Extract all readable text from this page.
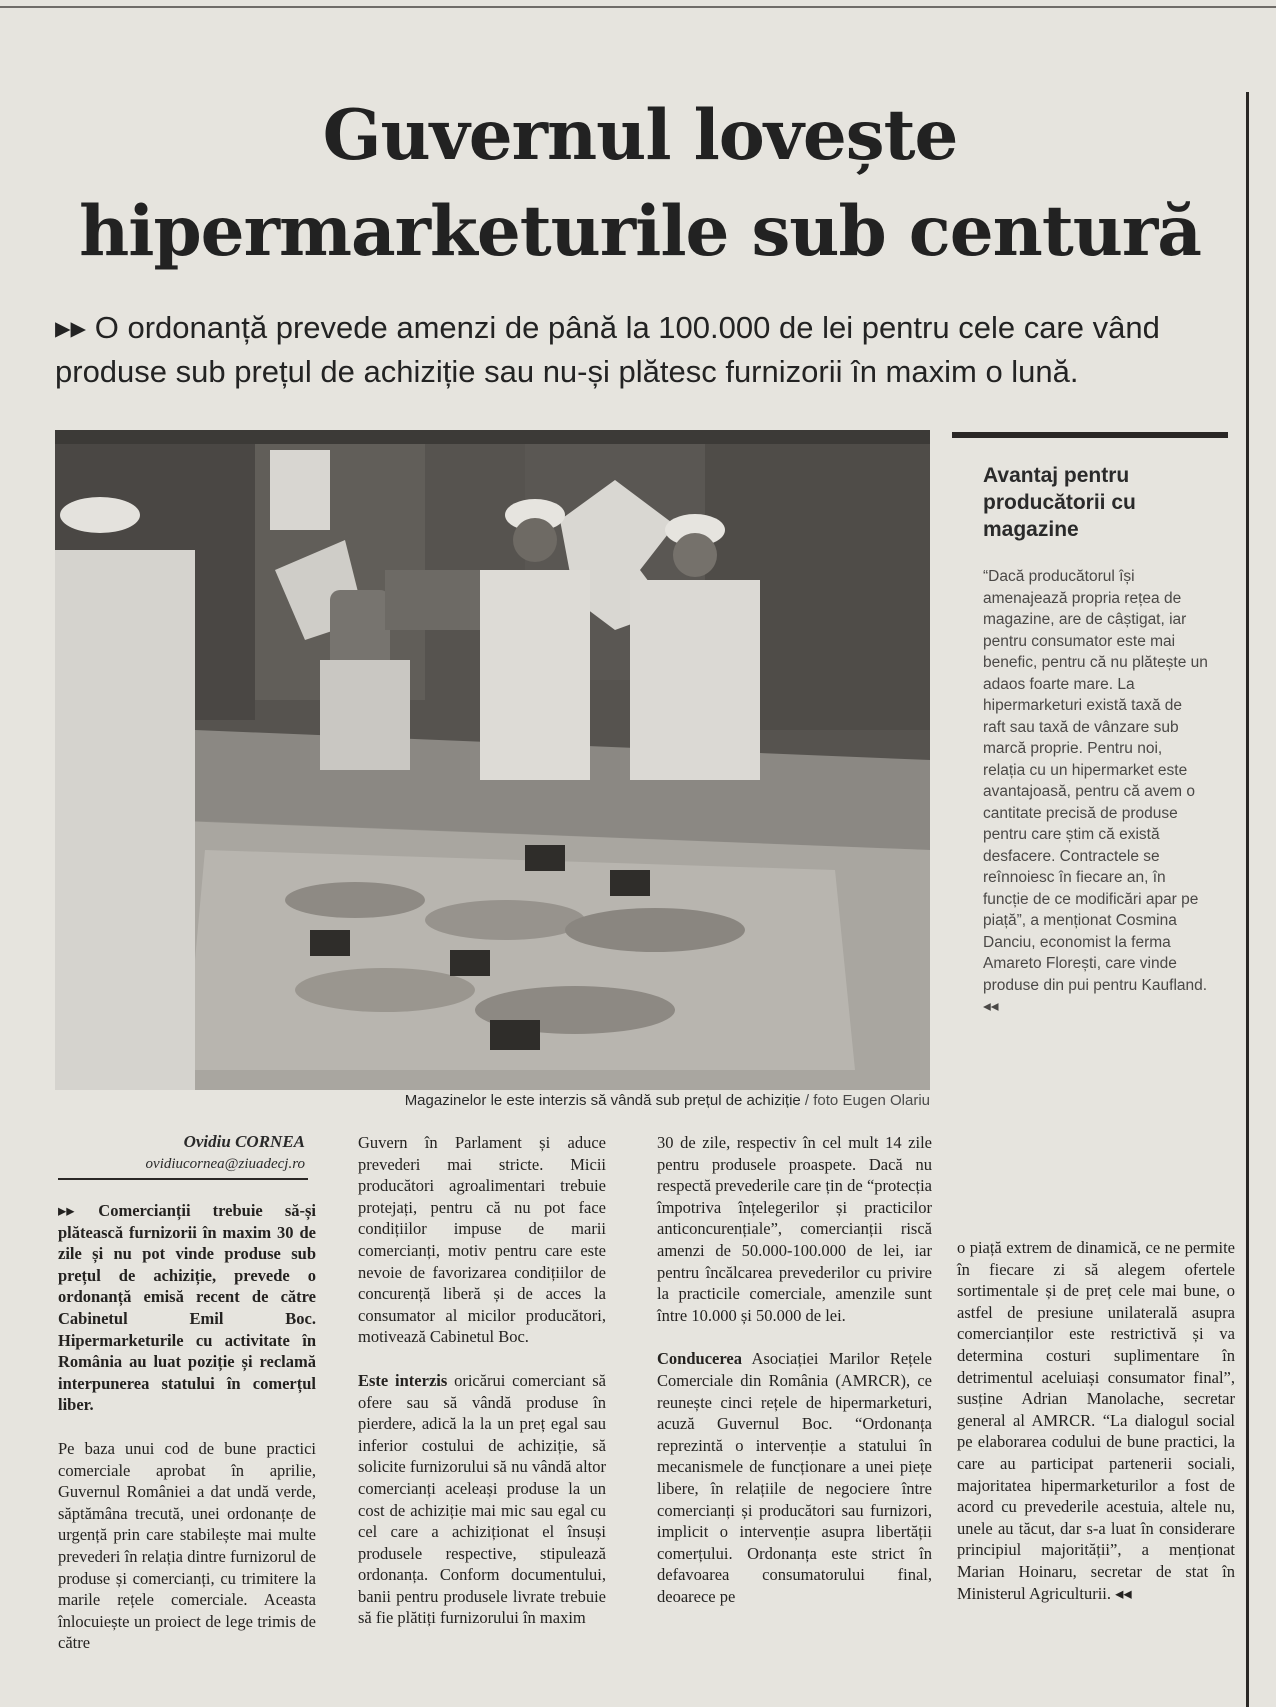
Guvernul lovește hipermarketurile sub centură

▸▸ O ordonanță prevede amenzi de până la 100.000 de lei pentru cele care vând produse sub prețul de achiziție sau nu-și plătesc furnizorii în maxim o lună.

Magazinelor le este interzis să vândă sub prețul de achiziție / foto Eugen Olariu

Avantaj pentru producătorii cu magazine

“Dacă producătorul își amenajează propria rețea de magazine, are de câștigat, iar pentru consumator este mai benefic, pentru că nu plătește un adaos foarte mare. La hipermarketuri există taxă de raft sau taxă de vânzare sub marcă proprie. Pentru noi, relația cu un hipermarket este avantajoasă, pentru că avem o cantitate precisă de produse pentru care știm că există desfacere. Contractele se reînnoiesc în fiecare an, în funcție de ce modificări apar pe piață”, a menționat Cosmina Danciu, economist la ferma Amareto Florești, care vinde produse din pui pentru Kaufland. ◂◂

Ovidiu CORNEA

ovidiucornea@ziuadecj.ro

▸▸ Comercianții trebuie să-și plătească furnizorii în maxim 30 de zile și nu pot vinde produse sub prețul de achiziție, prevede o ordonanță emisă recent de către Cabinetul Emil Boc. Hipermarketurile cu activitate în România au luat poziție și reclamă interpunerea statului în comerțul liber.

Pe baza unui cod de bune practici comerciale aprobat în aprilie, Guvernul României a dat undă verde, săptămâna trecută, unei ordonanțe de urgență prin care stabilește mai multe prevederi în relația dintre furnizorul de produse și comercianți, cu trimitere la marile rețele comerciale. Aceasta înlocuiește un proiect de lege trimis de către

Guvern în Parlament și aduce prevederi mai stricte. Micii producători agroalimentari trebuie protejați, pentru că nu pot face condițiilor impuse de marii comercianți, motiv pentru care este nevoie de favorizarea condițiilor de concurență liberă și de acces la consumator al micilor producători, motivează Cabinetul Boc.

Este interzis oricărui comerciant să ofere sau să vândă produse în pierdere, adică la la un preț egal sau inferior costului de achiziție, să solicite furnizorului să nu vândă altor comercianți aceleași produse la un cost de achiziție mai mic sau egal cu cel care a achiziționat el însuși produsele respective, stipulează ordonanța. Conform documentului, banii pentru produsele livrate trebuie să fie plătiți furnizorului în maxim

30 de zile, respectiv în cel mult 14 zile pentru produsele proaspete. Dacă nu respectă prevederile care țin de “protecția împotriva înțelegerilor și practicilor anticoncurențiale”, comercianții riscă amenzi de 50.000-100.000 de lei, iar pentru încălcarea prevederilor cu privire la practicile comerciale, amenzile sunt între 10.000 și 50.000 de lei.

Conducerea Asociației Marilor Rețele Comerciale din România (AMRCR), ce reunește cinci rețele de hipermarketuri, acuză Guvernul Boc. “Ordonanța reprezintă o intervenție a statului în mecanismele de funcționare a unei piețe libere, în relațiile de negociere între comercianți și producători sau furnizori, implicit o intervenție asupra libertății comerțului. Ordonanța este strict în defavoarea consumatorului final, deoarece pe

o piață extrem de dinamică, ce ne permite în fiecare zi să alegem ofertele sortimentale și de preț cele mai bune, o astfel de presiune unilaterală asupra comercianților este restrictivă și va determina costuri suplimentare în detrimentul aceluiași consumator final”, susține Adrian Manolache, secretar general al AMRCR. “La dialogul social pe elaborarea codului de bune practici, la care au participat partenerii sociali, majoritatea hipermarketurilor a fost de acord cu prevederile acestuia, altele nu, unele au tăcut, dar s-a luat în considerare principiul majorității”, a menționat Marian Hoinaru, secretar de stat în Ministerul Agriculturii. ◂◂
